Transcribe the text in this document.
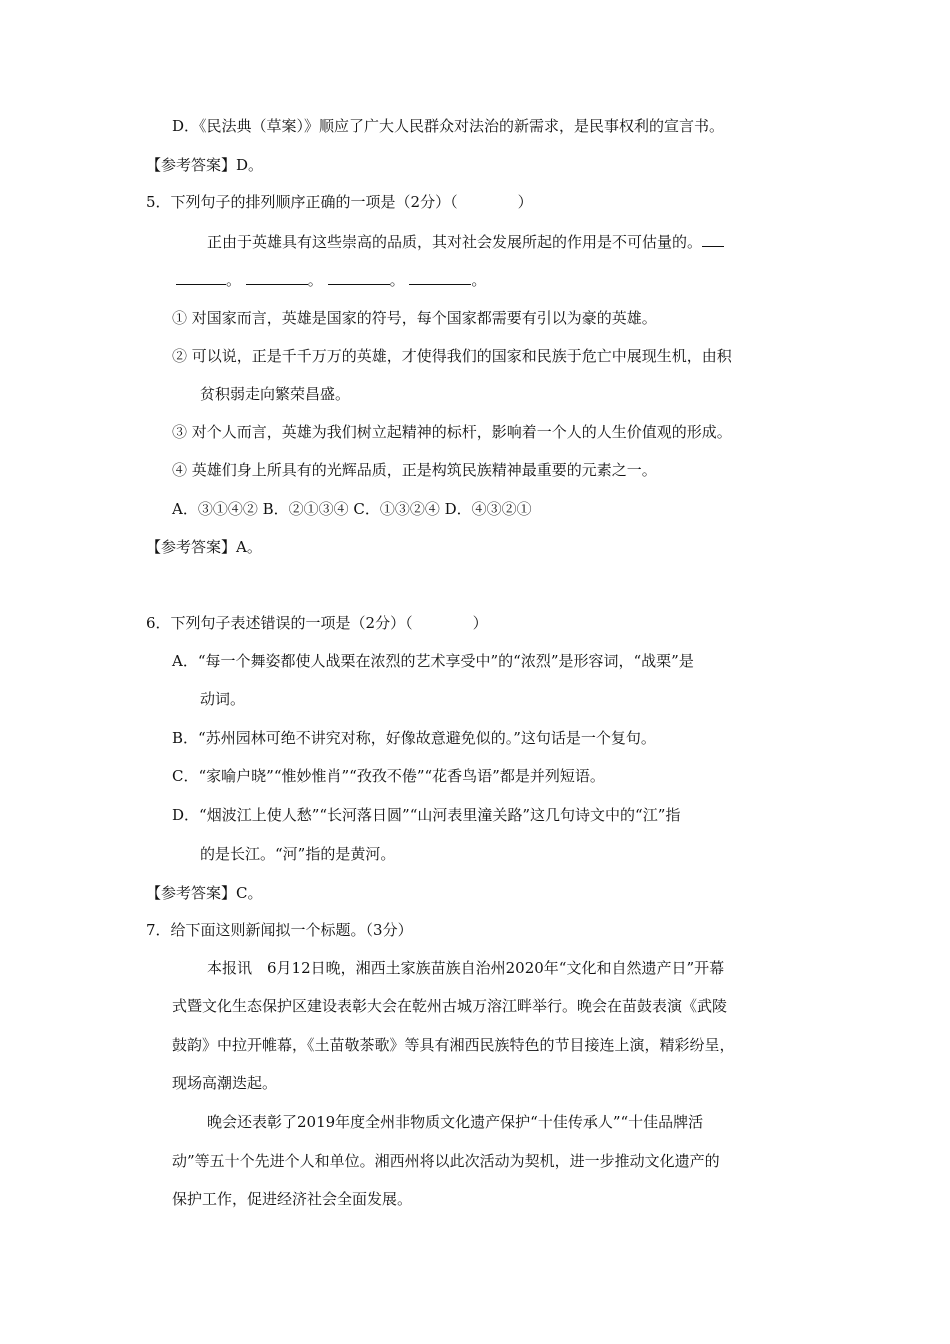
D．《民法典（草案）》顺应了广大人民群众对法治的新需求，是民事权利的宣言书。
【参考答案】D。
5．下列句子的排列顺序正确的一项是（2分）（	）
正由于英雄具有这些崇高的品质，其对社会发展所起的作用是不可估量的。
。	。	。	。
① 对国家而言，英雄是国家的符号，每个国家都需要有引以为豪的英雄。
② 可以说，正是千千万万的英雄，才使得我们的国家和民族于危亡中展现生机，由积
贫积弱走向繁荣昌盛。
③ 对个人而言，英雄为我们树立起精神的标杆，影响着一个人的人生价值观的形成。
④ 英雄们身上所具有的光辉品质，正是构筑民族精神最重要的元素之一。
A．③①④② B．②①③④ C．①③②④ D．④③②①
【参考答案】A。
6．下列句子表述错误的一项是（2分）（	）
A．“每一个舞姿都使人战栗在浓烈的艺术享受中”的“浓烈”是形容词，“战栗”是
动词。
B．“苏州园林可绝不讲究对称，好像故意避免似的。”这句话是一个复句。
C．“家喻户晓”“惟妙惟肖”“孜孜不倦”“花香鸟语”都是并列短语。
D．“烟波江上使人愁”“长河落日圆”“山河表里潼关路”这几句诗文中的“江”指
的是长江。“河”指的是黄河。
【参考答案】C。
7．给下面这则新闻拟一个标题。（3分）
本报讯　6月12日晚，湘西土家族苗族自治州2020年“文化和自然遗产日”开幕
式暨文化生态保护区建设表彰大会在乾州古城万溶江畔举行。晚会在苗鼓表演《武陵
鼓韵》中拉开帷幕，《土苗敬茶歌》等具有湘西民族特色的节目接连上演，精彩纷呈，
现场高潮迭起。
晚会还表彰了2019年度全州非物质文化遗产保护“十佳传承人”“十佳品牌活
动”等五十个先进个人和单位。湘西州将以此次活动为契机，进一步推动文化遗产的
保护工作，促进经济社会全面发展。
